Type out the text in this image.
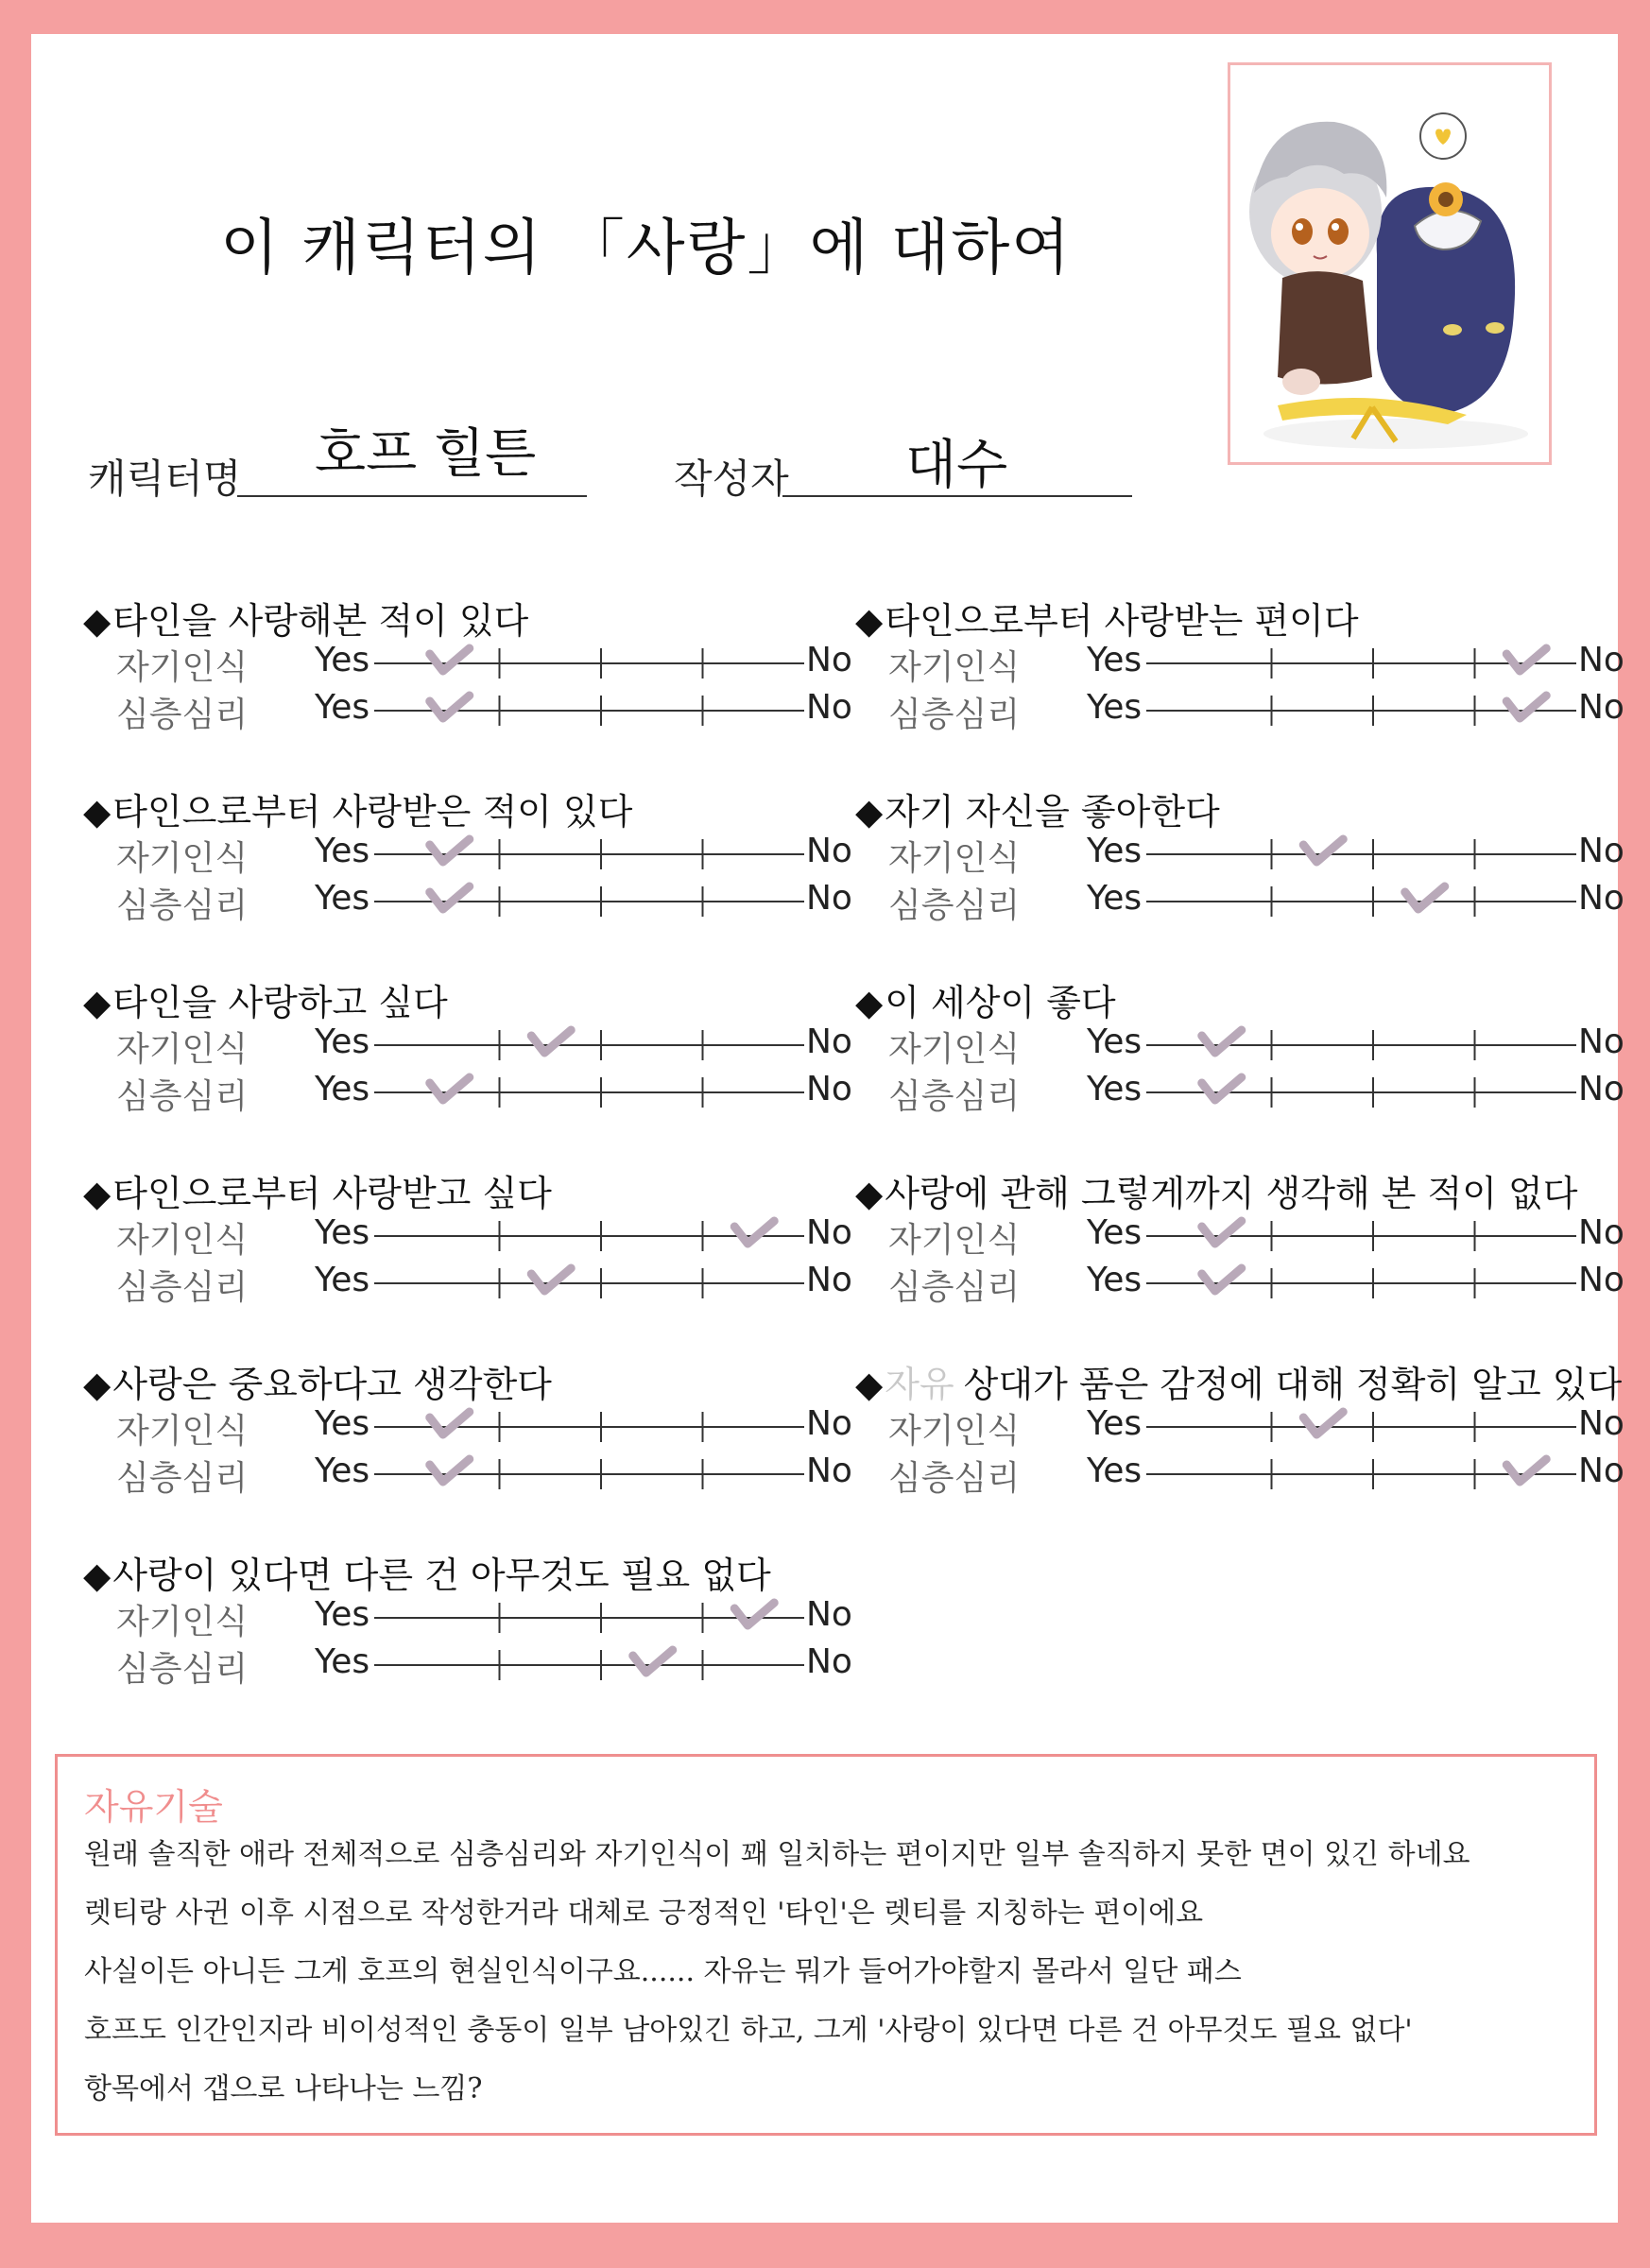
이 캐릭터의 「사랑」에 대하여
캐릭터명 호프 힐튼	작성자 대수
◆타인을 사랑해본 적이 있다
자기인식 Yes	No
심층심리 Yes	No
◆타인으로부터 사랑받은 적이 있다
자기인식 Yes	No
심층심리 Yes	No
◆타인을 사랑하고 싶다
자기인식 Yes	No
심층심리 Yes	No
◆타인으로부터 사랑받고 싶다
자기인식 Yes	No
심층심리 Yes	No
◆사랑은 중요하다고 생각한다
자기인식 Yes	No
심층심리 Yes	No
◆사랑이 있다면 다른 건 아무것도 필요 없다
자기인식 Yes	No
심층심리 Yes	No
◆타인으로부터 사랑받는 편이다
자기인식 Yes	No
심층심리 Yes	No
◆자기 자신을 좋아한다
자기인식 Yes	No
심층심리 Yes	No
◆이 세상이 좋다
자기인식 Yes	No
심층심리 Yes	No
◆사랑에 관해 그렇게까지 생각해 본 적이 없다
자기인식 Yes	No
심층심리 Yes	No
◆자유 상대가 품은 감정에 대해 정확히 알고 있다
자기인식 Yes	No
심층심리 Yes	No
자유기술
원래 솔직한 애라 전체적으로 심층심리와 자기인식이 꽤 일치하는 편이지만 일부 솔직하지 못한 면이 있긴 하네요
렛티랑 사귄 이후 시점으로 작성한거라 대체로 긍정적인 '타인'은 렛티를 지칭하는 편이에요
사실이든 아니든 그게 호프의 현실인식이구요...... 자유는 뭐가 들어가야할지 몰라서 일단 패스
호프도 인간인지라 비이성적인 충동이 일부 남아있긴 하고, 그게 '사랑이 있다면 다른 건 아무것도 필요 없다'
항목에서 갭으로 나타나는 느낌?
